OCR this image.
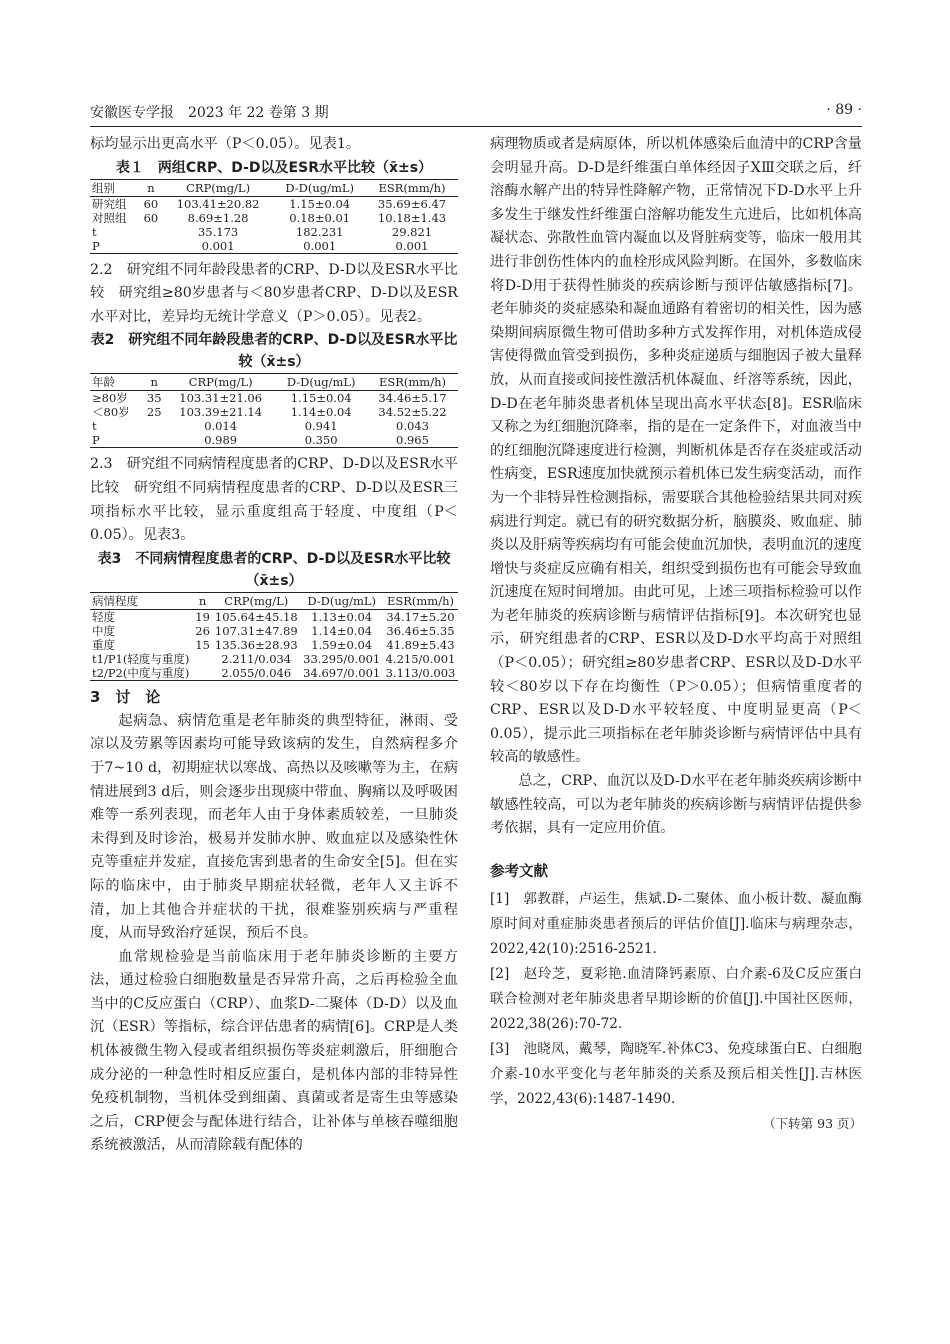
安徽医专学报　2023 年 22 卷第 3 期	· 89 ·

标均显示出更高水平（P＜0.05）。见表1。

表１　两组CRP、D-D以及ESR水平比较（x̄±s）
组别	n	CRP(mg/L)	D-D(ug/mL)	ESR(mm/h)
研究组	60	103.41±20.82	1.15±0.04	35.69±6.47
对照组	60	8.69±1.28	0.18±0.01	10.18±1.43
t		35.173	182.231	29.821
P		0.001	0.001	0.001

2.2　研究组不同年龄段患者的CRP、D-D以及ESR水平比较　研究组≥80岁患者与＜80岁患者CRP、D-D以及ESR水平对比，差异均无统计学意义（P＞0.05）。见表2。

表2　研究组不同年龄段患者的CRP、D-D以及ESR水平比较（x̄±s）
年龄	n	CRP(mg/L)	D-D(ug/mL)	ESR(mm/h)
≥80岁	35	103.31±21.06	1.15±0.04	34.46±5.17
＜80岁	25	103.39±21.14	1.14±0.04	34.52±5.22
t		0.014	0.941	0.043
P		0.989	0.350	0.965

2.3　研究组不同病情程度患者的CRP、D-D以及ESR水平比较　研究组不同病情程度患者的CRP、D-D以及ESR三项指标水平比较，显示重度组高于轻度、中度组（P＜0.05）。见表3。

表3　不同病情程度患者的CRP、D-D以及ESR水平比较（x̄±s）
病情程度	n	CRP(mg/L)	D-D(ug/mL)	ESR(mm/h)
轻度	19	105.64±45.18	1.13±0.04	34.17±5.20
中度	26	107.31±47.89	1.14±0.04	36.46±5.35
重度	15	135.36±28.93	1.59±0.04	41.89±5.43
t1/P1(轻度与重度)		2.211/0.034	33.295/0.001	4.215/0.001
t2/P2(中度与重度)		2.055/0.046	34.697/0.001	3.113/0.003
3　讨　论

起病急、病情危重是老年肺炎的典型特征，淋雨、受凉以及劳累等因素均可能导致该病的发生，自然病程多介于7~10 d，初期症状以寒战、高热以及咳嗽等为主，在病情进展到3 d后，则会逐步出现痰中带血、胸痛以及呼吸困难等一系列表现，而老年人由于身体素质较差，一旦肺炎未得到及时诊治，极易并发肺水肿、败血症以及感染性休克等重症并发症，直接危害到患者的生命安全[5]。但在实际的临床中，由于肺炎早期症状轻微，老年人又主诉不清，加上其他合并症状的干扰，很难鉴别疾病与严重程度，从而导致治疗延误，预后不良。

血常规检验是当前临床用于老年肺炎诊断的主要方法，通过检验白细胞数量是否异常升高，之后再检验全血当中的C反应蛋白（CRP）、血浆D-二聚体（D-D）以及血沉（ESR）等指标，综合评估患者的病情[6]。CRP是人类机体被微生物入侵或者组织损伤等炎症刺激后，肝细胞合成分泌的一种急性时相反应蛋白，是机体内部的非特异性免疫机制物，当机体受到细菌、真菌或者是寄生虫等感染之后，CRP便会与配体进行结合，让补体与单核吞噬细胞系统被激活，从而清除载有配体的

病理物质或者是病原体，所以机体感染后血清中的CRP含量会明显升高。D-D是纤维蛋白单体经因子XⅢ交联之后，纤溶酶水解产出的特异性降解产物，正常情况下D-D水平上升多发生于继发性纤维蛋白溶解功能发生亢进后，比如机体高凝状态、弥散性血管内凝血以及肾脏病变等，临床一般用其进行非创伤性体内的血栓形成风险判断。在国外，多数临床将D-D用于获得性肺炎的疾病诊断与预评估敏感指标[7]。老年肺炎的炎症感染和凝血通路有着密切的相关性，因为感染期间病原微生物可借助多种方式发挥作用，对机体造成侵害使得微血管受到损伤，多种炎症递质与细胞因子被大量释放，从而直接或间接性激活机体凝血、纤溶等系统，因此，D-D在老年肺炎患者机体呈现出高水平状态[8]。ESR临床又称之为红细胞沉降率，指的是在一定条件下，对血液当中的红细胞沉降速度进行检测，判断机体是否存在炎症或活动性病变，ESR速度加快就预示着机体已发生病变活动，而作为一个非特异性检测指标，需要联合其他检验结果共同对疾病进行判定。就已有的研究数据分析，脑膜炎、败血症、肺炎以及肝病等疾病均有可能会使血沉加快，表明血沉的速度增快与炎症反应确有相关，组织受到损伤也有可能会导致血沉速度在短时间增加。由此可见，上述三项指标检验可以作为老年肺炎的疾病诊断与病情评估指标[9]。本次研究也显示，研究组患者的CRP、ESR以及D-D水平均高于对照组（P＜0.05）；研究组≥80岁患者CRP、ESR以及D-D水平较＜80岁以下存在均衡性（P＞0.05）；但病情重度者的CRP、ESR以及D-D水平较轻度、中度明显更高（P＜0.05），提示此三项指标在老年肺炎诊断与病情评估中具有较高的敏感性。

总之，CRP、血沉以及D-D水平在老年肺炎疾病诊断中敏感性较高，可以为老年肺炎的疾病诊断与病情评估提供参考依据，具有一定应用价值。

参考文献
[1]　郭教群，卢运生，焦斌.D-二聚体、血小板计数、凝血酶原时间对重症肺炎患者预后的评估价值[J].临床与病理杂志，2022,42(10):2516-2521.
[2]　赵玲芝，夏彩艳.血清降钙素原、白介素-6及C反应蛋白联合检测对老年肺炎患者早期诊断的价值[J].中国社区医师，2022,38(26):70-72.
[3]　池晓凤，戴琴，陶晓军.补体C3、免疫球蛋白E、白细胞介素-10水平变化与老年肺炎的关系及预后相关性[J].吉林医学，2022,43(6):1487-1490.
（下转第 93 页）
